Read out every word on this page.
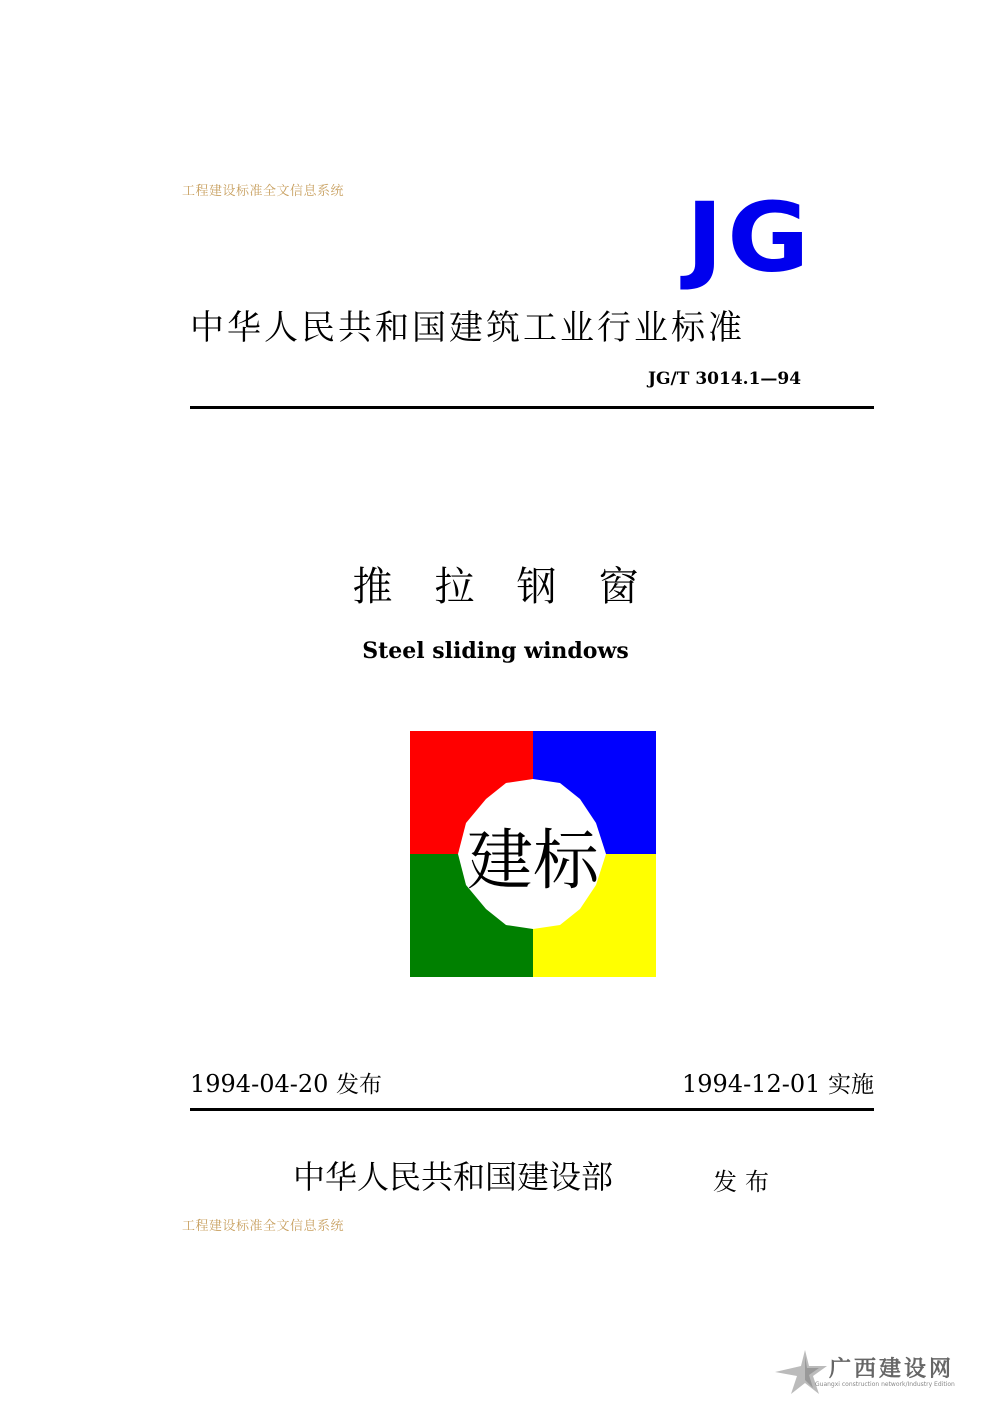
工程建设标准全文信息系统	JG
中华人民共和国建筑工业行业标准
JG/T 3014.1—94
推拉钢窗
Steel sliding windows
建标
1994-04-20 发布	1994-12-01 实施
中华人民共和国建设部	发布
工程建设标准全文信息系统
广西建设网
Guangxi construction network/Industry Edition
